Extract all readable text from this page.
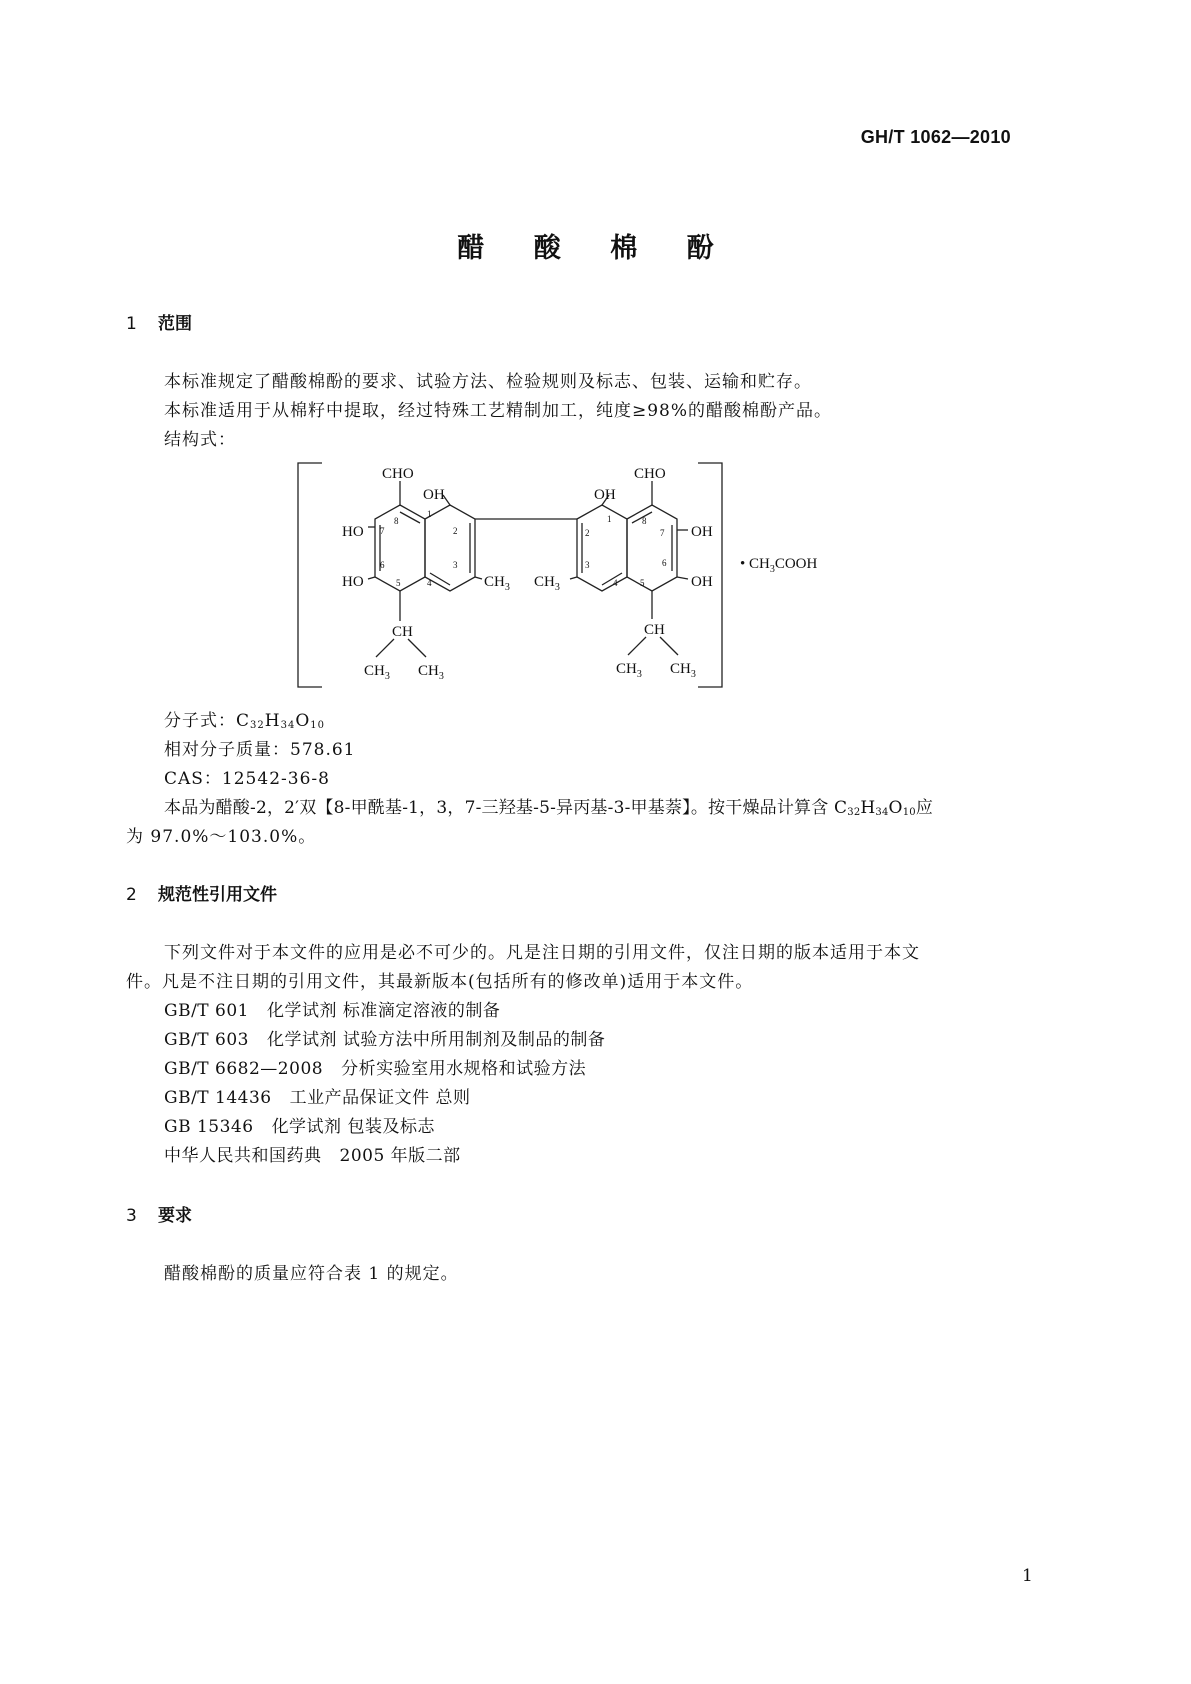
GH/T 1062—2010
醋 酸 棉 酚
1 范围
本标准规定了醋酸棉酚的要求、试验方法、检验规则及标志、包装、运输和贮存。
本标准适用于从棉籽中提取，经过特殊工艺精制加工，纯度≥98%的醋酸棉酚产品。
结构式：
CHO	CHO
OH	OH
HO
HO
OH
OH
$CH_3$ $CH_3$
CH	CH
$CH_3$ $CH_3$	$CH_3$ $CH_3$
• $CH_3COOH$
1
2
3
4
5
6
7
8	1
2
3
4	5
6
7
8
分子式：$C_{32}H_{34}O_{10}$
相对分子质量：578.61
CAS：12542-36-8
本品为醋酸-2，2′双【8-甲酰基-1，3，7-三羟基-5-异丙基-3-甲基萘】。按干燥品计算含 $C_{32}H_{34}O_{10}$应
为 97.0%～103.0%。
2 规范性引用文件
下列文件对于本文件的应用是必不可少的。凡是注日期的引用文件，仅注日期的版本适用于本文
件。凡是不注日期的引用文件，其最新版本(包括所有的修改单)适用于本文件。
GB/T 601 化学试剂 标准滴定溶液的制备
GB/T 603 化学试剂 试验方法中所用制剂及制品的制备
GB/T 6682—2008 分析实验室用水规格和试验方法
GB/T 14436 工业产品保证文件 总则
GB 15346 化学试剂 包装及标志
中华人民共和国药典 2005 年版二部
3 要求
醋酸棉酚的质量应符合表 1 的规定。
1
